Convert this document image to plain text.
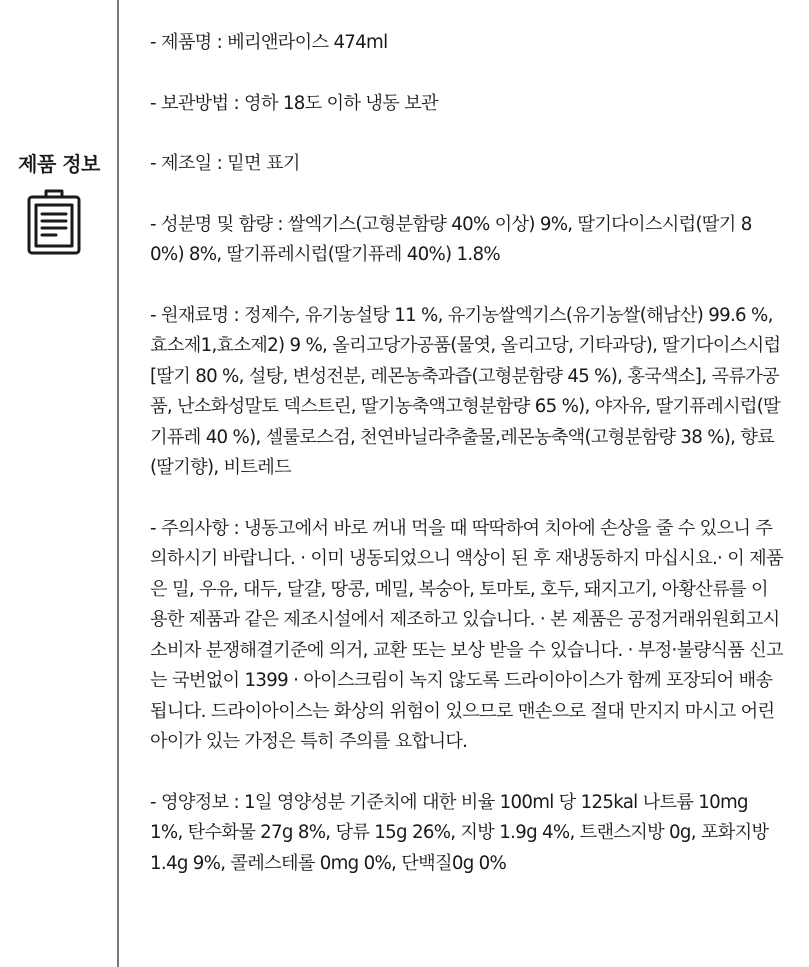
제품 정보
- 제품명 : 베리앤라이스 474ml
- 보관방법 : 영하 18도 이하 냉동 보관
- 제조일 : 밑면 표기
- 성분명 및 함량 : 쌀엑기스(고형분함량 40% 이상) 9%, 딸기다이스시럽(딸기 80%) 8%, 딸기퓨레시럽(딸기퓨레 40%) 1.8%
- 원재료명 : 정제수, 유기농설탕 11 %, 유기농쌀엑기스(유기농쌀(해남산) 99.6 %, 효소제1,효소제2) 9 %, 올리고당가공품(물엿, 올리고당, 기타과당), 딸기다이스시럽[딸기 80 %, 설탕, 변성전분, 레몬농축과즙(고형분함량 45 %), 홍국색소], 곡류가공품, 난소화성말토 덱스트린, 딸기농축액고형분함량 65 %), 야자유, 딸기퓨레시럽(딸기퓨레 40 %), 셀룰로스검, 천연바닐라추출물,레몬농축액(고형분함량 38 %), 향료(딸기향), 비트레드
- 주의사항 : 냉동고에서 바로 꺼내 먹을 때 딱딱하여 치아에 손상을 줄 수 있으니 주의하시기 바랍니다. · 이미 냉동되었으니 액상이 된 후 재냉동하지 마십시요.· 이 제품은 밀, 우유, 대두, 달걀, 땅콩, 메밀, 복숭아, 토마토, 호두, 돼지고기, 아황산류를 이용한 제품과 같은 제조시설에서 제조하고 있습니다. · 본 제품은 공정거래위원회고시 소비자 분쟁해결기준에 의거, 교환 또는 보상 받을 수 있습니다. · 부정·불량식품 신고는 국번없이 1399 · 아이스크림이 녹지 않도록 드라이아이스가 함께 포장되어 배송됩니다. 드라이아이스는 화상의 위험이 있으므로 맨손으로 절대 만지지 마시고 어린아이가 있는 가정은 특히 주의를 요합니다.
- 영양정보 : 1일 영양성분 기준치에 대한 비율 100ml 당 125kal 나트륨 10mg 1%, 탄수화물 27g 8%, 당류 15g 26%, 지방 1.9g 4%, 트랜스지방 0g, 포화지방 1.4g 9%, 콜레스테롤 0mg 0%, 단백질0g 0%
